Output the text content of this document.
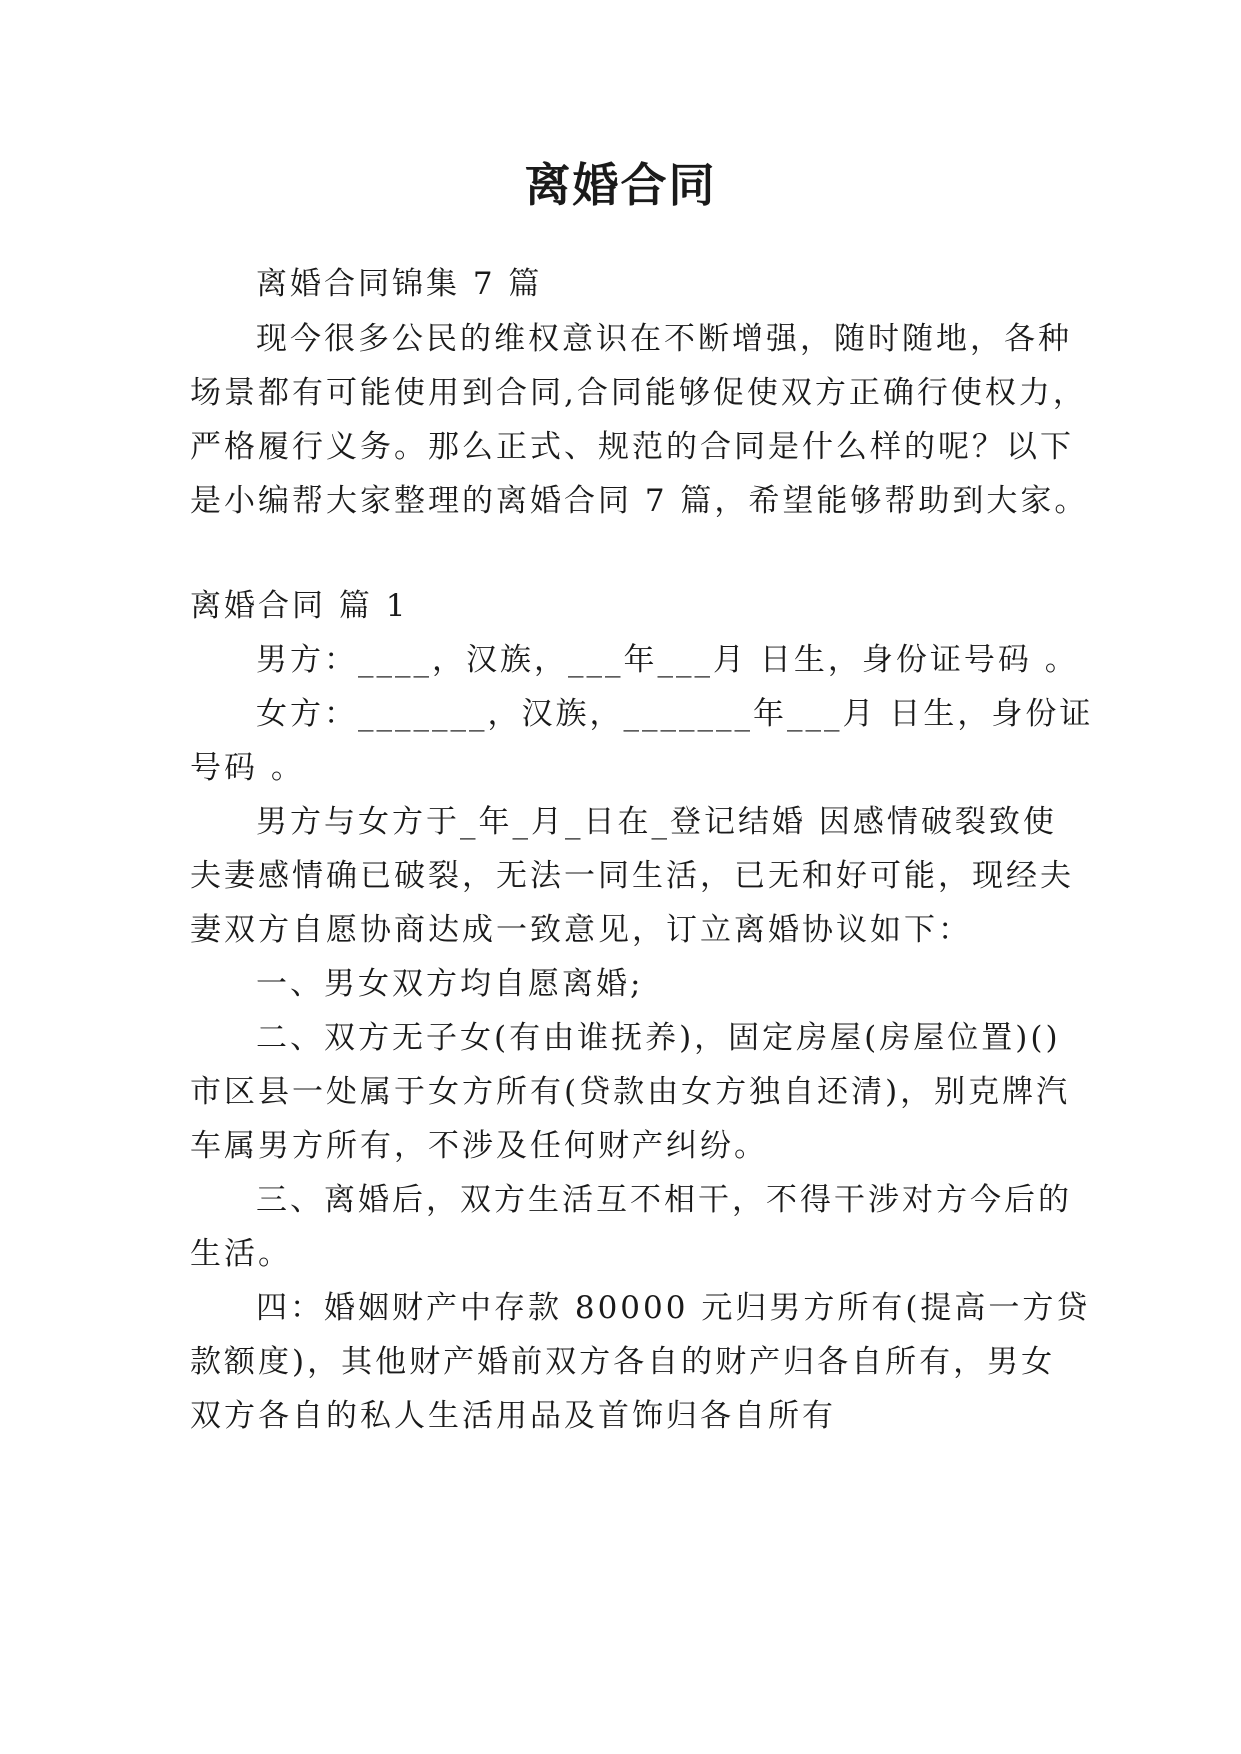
离婚合同
离婚合同锦集 7 篇
现今很多公民的维权意识在不断增强，随时随地，各种
场景都有可能使用到合同,合同能够促使双方正确行使权力，
严格履行义务。那么正式、规范的合同是什么样的呢？以下
是小编帮大家整理的离婚合同 7 篇，希望能够帮助到大家。
离婚合同 篇 1
男方：____，汉族，___年___月 日生，身份证号码 。
女方：_______，汉族，_______年___月 日生，身份证
号码 。
男方与女方于_年_月_日在_登记结婚 因感情破裂致使
夫妻感情确已破裂，无法一同生活，已无和好可能，现经夫
妻双方自愿协商达成一致意见，订立离婚协议如下：
一、男女双方均自愿离婚;
二、双方无子女(有由谁抚养)，固定房屋(房屋位置)()
市区县一处属于女方所有(贷款由女方独自还清)，别克牌汽
车属男方所有，不涉及任何财产纠纷。
三、离婚后，双方生活互不相干，不得干涉对方今后的
生活。
四：婚姻财产中存款 80000 元归男方所有(提高一方贷
款额度)，其他财产婚前双方各自的财产归各自所有，男女
双方各自的私人生活用品及首饰归各自所有
